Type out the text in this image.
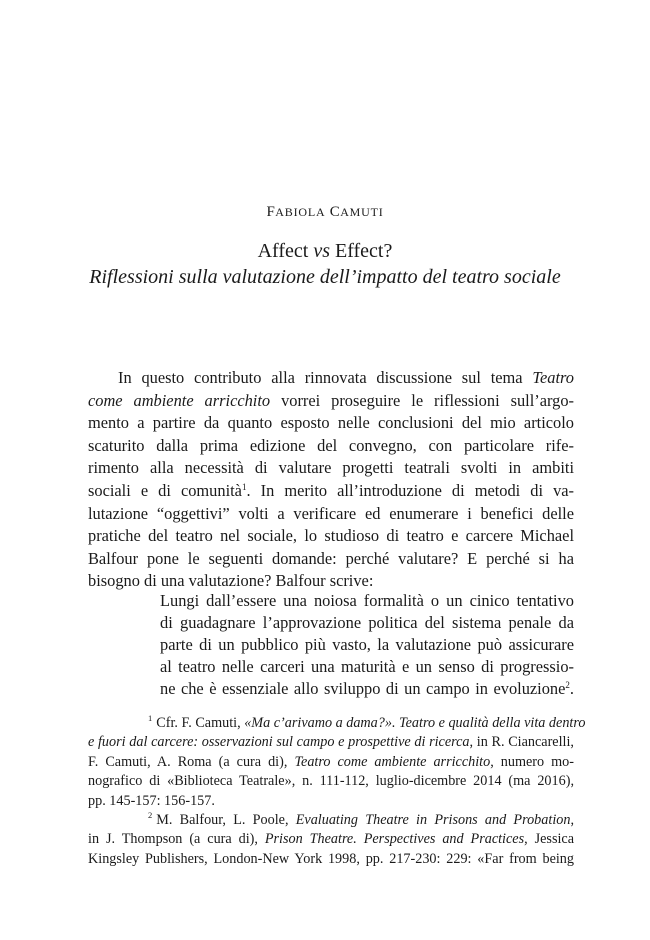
FABIOLA CAMUTI
Affect vs Effect?
Riflessioni sulla valutazione dell’impatto del teatro sociale
In questo contributo alla rinnovata discussione sul tema Teatro
come ambiente arricchito vorrei proseguire le riflessioni sull’argo-
mento a partire da quanto esposto nelle conclusioni del mio articolo
scaturito dalla prima edizione del convegno, con particolare rife-
rimento alla necessità di valutare progetti teatrali svolti in ambiti
sociali e di comunità$^1$. In merito all’introduzione di metodi di va-
lutazione “oggettivi” volti a verificare ed enumerare i benefici delle
pratiche del teatro nel sociale, lo studioso di teatro e carcere Michael
Balfour pone le seguenti domande: perché valutare? E perché si ha
bisogno di una valutazione? Balfour scrive:
Lungi dall’essere una noiosa formalità o un cinico tentativo
di guadagnare l’approvazione politica del sistema penale da
parte di un pubblico più vasto, la valutazione può assicurare
al teatro nelle carceri una maturità e un senso di progressio-
ne che è essenziale allo sviluppo di un campo in evoluzione$^2$.
1 Cfr. F. Camuti, «Ma c’arivamo a dama?». Teatro e qualità della vita dentro
e fuori dal carcere: osservazioni sul campo e prospettive di ricerca, in R. Ciancarelli,
F. Camuti, A. Roma (a cura di), Teatro come ambiente arricchito, numero mo-
nografico di «Biblioteca Teatrale», n. 111-112, luglio-dicembre 2014 (ma 2016),
pp. 145-157: 156-157.
2 M. Balfour, L. Poole, Evaluating Theatre in Prisons and Probation,
in J. Thompson (a cura di), Prison Theatre. Perspectives and Practices, Jessica
Kingsley Publishers, London-New York 1998, pp. 217-230: 229: «Far from being
